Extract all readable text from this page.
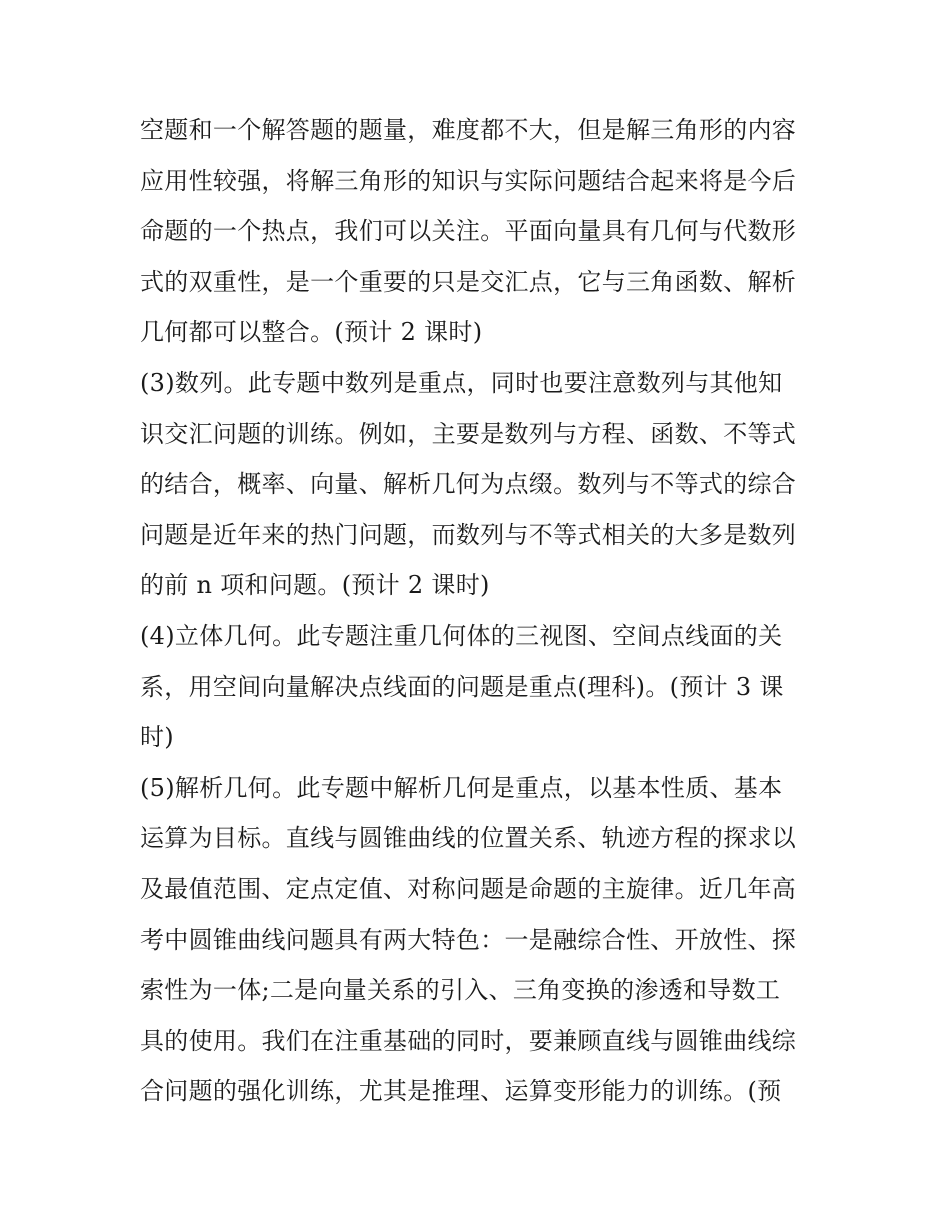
空题和一个解答题的题量，难度都不大，但是解三角形的内容
应用性较强，将解三角形的知识与实际问题结合起来将是今后
命题的一个热点，我们可以关注。平面向量具有几何与代数形
式的双重性，是一个重要的只是交汇点，它与三角函数、解析
几何都可以整合。(预计 2 课时)
(3)数列。此专题中数列是重点，同时也要注意数列与其他知
识交汇问题的训练。例如，主要是数列与方程、函数、不等式
的结合，概率、向量、解析几何为点缀。数列与不等式的综合
问题是近年来的热门问题，而数列与不等式相关的大多是数列
的前 n 项和问题。(预计 2 课时)
(4)立体几何。此专题注重几何体的三视图、空间点线面的关
系，用空间向量解决点线面的问题是重点(理科)。(预计 3 课
时)
(5)解析几何。此专题中解析几何是重点，以基本性质、基本
运算为目标。直线与圆锥曲线的位置关系、轨迹方程的探求以
及最值范围、定点定值、对称问题是命题的主旋律。近几年高
考中圆锥曲线问题具有两大特色：一是融综合性、开放性、探
索性为一体;二是向量关系的引入、三角变换的渗透和导数工
具的使用。我们在注重基础的同时，要兼顾直线与圆锥曲线综
合问题的强化训练，尤其是推理、运算变形能力的训练。(预
